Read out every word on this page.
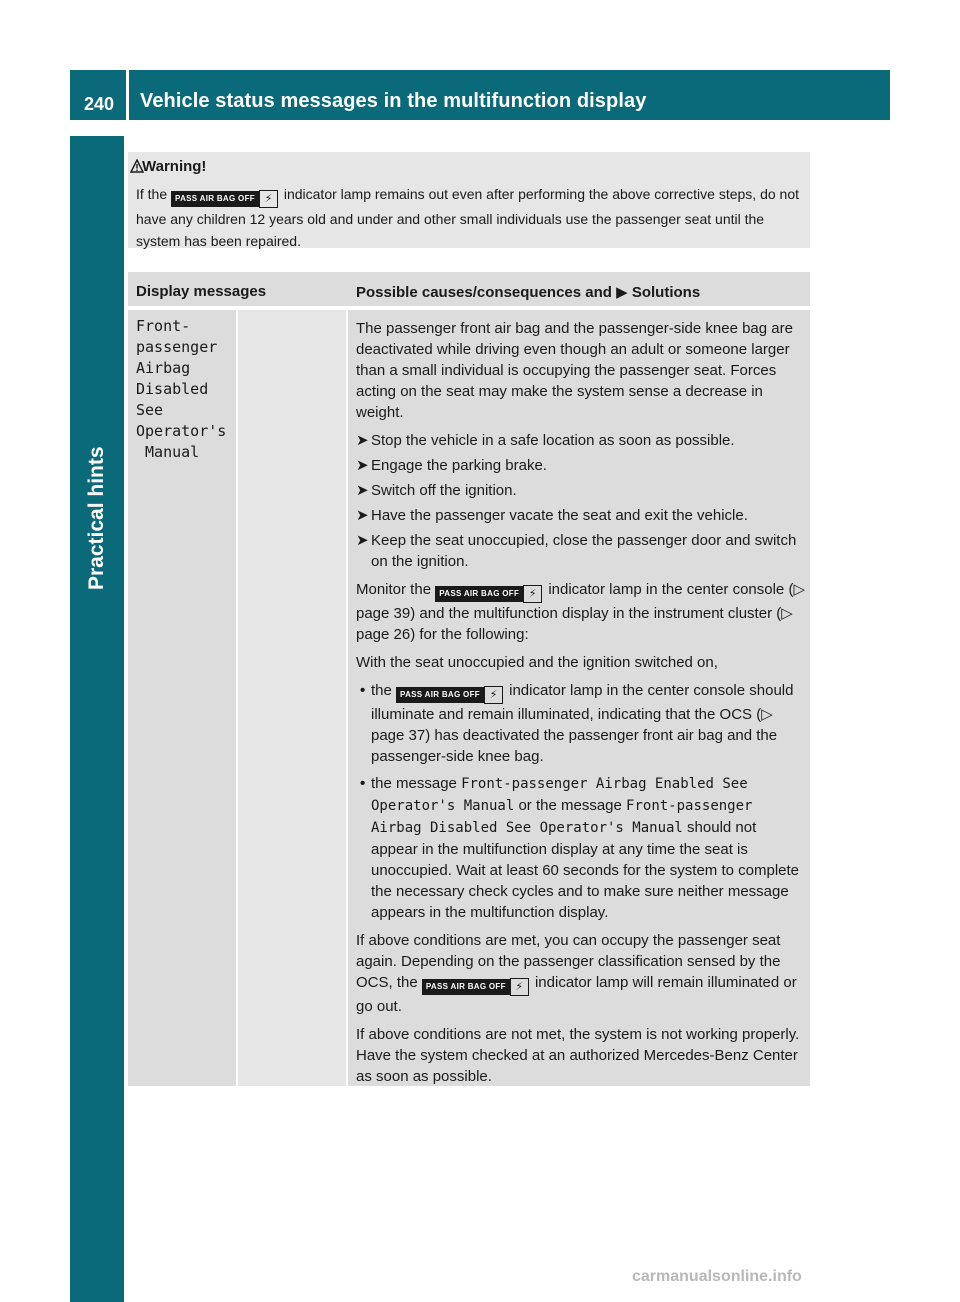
240 Vehicle status messages in the multifunction display
Practical hints
Warning!
If the PASS AIR BAG OFF ⚡ indicator lamp remains out even after performing the above corrective steps, do not have any children 12 years old and under and other small individuals use the passenger seat until the system has been repaired.
Display messages	Possible causes/consequences and ▶ Solutions
Front-
passenger
Airbag
Disabled
See
Operator's
Manual

The passenger front air bag and the passenger-side knee bag are deactivated while driving even though an adult or someone larger than a small individual is occupying the passenger seat. Forces acting on the seat may make the system sense a decrease in weight.

➤ Stop the vehicle in a safe location as soon as possible.
➤ Engage the parking brake.
➤ Switch off the ignition.
➤ Have the passenger vacate the seat and exit the vehicle.
➤ Keep the seat unoccupied, close the passenger door and switch on the ignition.

Monitor the PASS AIR BAG OFF ⚡ indicator lamp in the center console (▷ page 39) and the multifunction display in the instrument cluster (▷ page 26) for the following:

With the seat unoccupied and the ignition switched on,

• the PASS AIR BAG OFF ⚡ indicator lamp in the center console should illuminate and remain illuminated, indicating that the OCS (▷ page 37) has deactivated the passenger front air bag and the passenger-side knee bag.
• the message Front-passenger Airbag Enabled See Operator's Manual or the message Front-passenger Airbag Disabled See Operator's Manual should not appear in the multifunction display at any time the seat is unoccupied. Wait at least 60 seconds for the system to complete the necessary check cycles and to make sure neither message appears in the multifunction display.

If above conditions are met, you can occupy the passenger seat again. Depending on the passenger classification sensed by the OCS, the PASS AIR BAG OFF ⚡ indicator lamp will remain illuminated or go out.

If above conditions are not met, the system is not working properly. Have the system checked at an authorized Mercedes-Benz Center as soon as possible.

carmanualsonline.info
